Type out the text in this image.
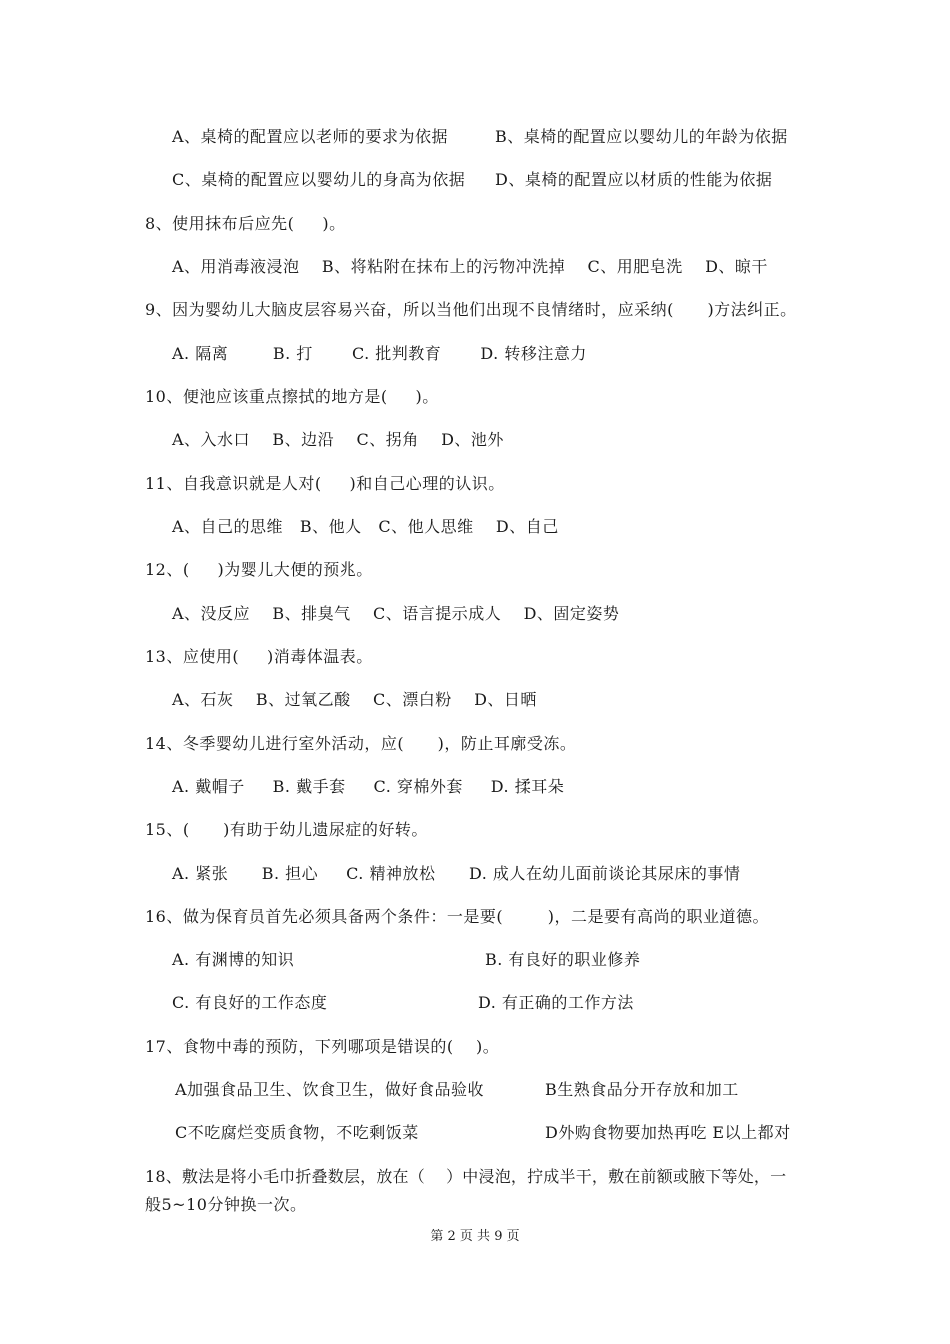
A、桌椅的配置应以老师的要求为依据	B、桌椅的配置应以婴幼儿的年龄为依据
C、桌椅的配置应以婴幼儿的身高为依据 D、桌椅的配置应以材质的性能为依据
8、使用抹布后应先(     )。
A、用消毒液浸泡    B、将粘附在抹布上的污物冲洗掉    C、用肥皂洗    D、晾干
9、因为婴幼儿大脑皮层容易兴奋，所以当他们出现不良情绪时，应采纳(      )方法纠正。
A. 隔离        B. 打       C. 批判教育       D. 转移注意力
10、便池应该重点擦拭的地方是(     )。
A、入水口    B、边沿    C、拐角    D、池外
11、自我意识就是人对(     )和自己心理的认识。
A、自己的思维   B、他人   C、他人思维    D、自己
12、(     )为婴儿大便的预兆。
A、没反应    B、排臭气    C、语言提示成人    D、固定姿势
13、应使用(     )消毒体温表。
A、石灰    B、过氧乙酸    C、漂白粉    D、日晒
14、冬季婴幼儿进行室外活动，应(      )，防止耳廓受冻。
A. 戴帽子     B. 戴手套     C. 穿棉外套     D. 揉耳朵
15、(      )有助于幼儿遗尿症的好转。
A. 紧张      B. 担心     C. 精神放松      D. 成人在幼儿面前谈论其尿床的事情
16、做为保育员首先必须具备两个条件：一是要(        )，二是要有高尚的职业道德。
A. 有渊博的知识	B. 有良好的职业修养
C. 有良好的工作态度	D. 有正确的工作方法
17、食物中毒的预防，下列哪项是错误的(    )。
A加强食品卫生、饮食卫生，做好食品验收	B生熟食品分开存放和加工
C不吃腐烂变质食物，不吃剩饭菜	D外购食物要加热再吃 E以上都对
18、敷法是将小毛巾折叠数层，放在（    ）中浸泡，拧成半干，敷在前额或腋下等处，一
般5~10分钟换一次。
第 2 页 共 9 页
